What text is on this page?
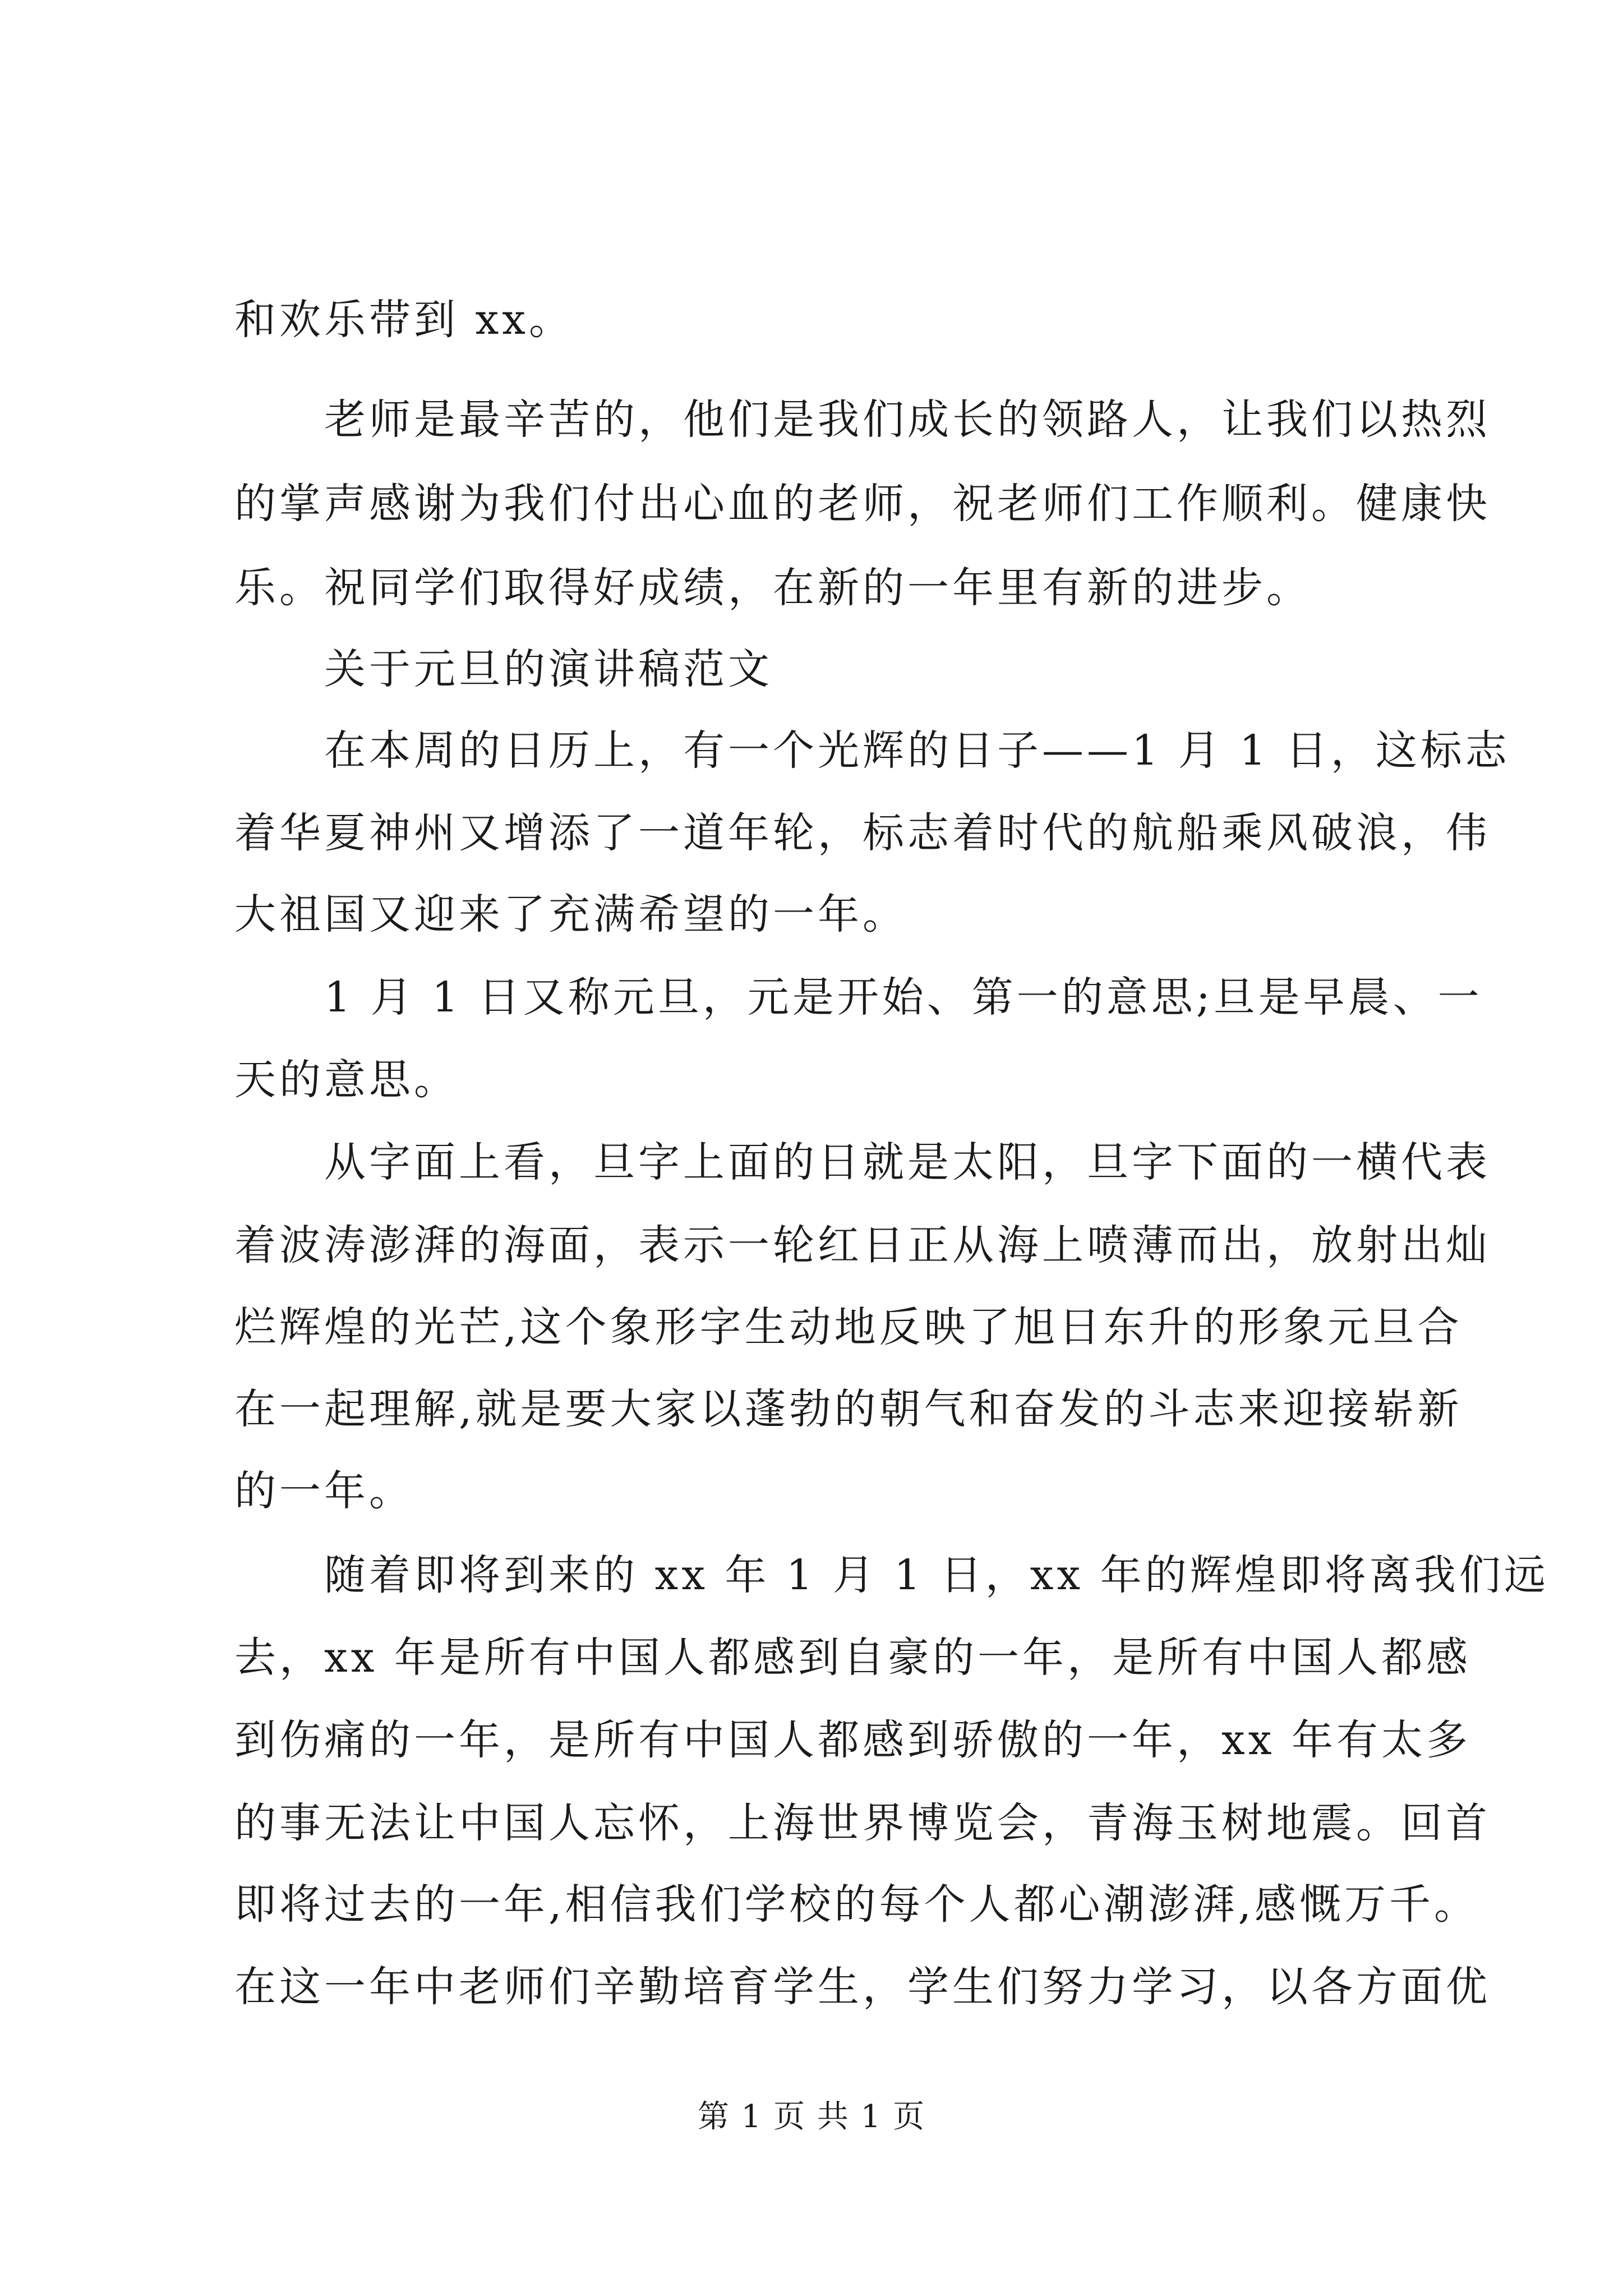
和欢乐带到 xx。
　　老师是最辛苦的，他们是我们成长的领路人，让我们以热烈
的掌声感谢为我们付出心血的老师，祝老师们工作顺利。健康快
乐。祝同学们取得好成绩，在新的一年里有新的进步。
　　关于元旦的演讲稿范文
　　在本周的日历上，有一个光辉的日子——1 月 1 日，这标志
着华夏神州又增添了一道年轮，标志着时代的航船乘风破浪，伟
大祖国又迎来了充满希望的一年。
　　1 月 1 日又称元旦，元是开始、第一的意思;旦是早晨、一
天的意思。
　　从字面上看，旦字上面的日就是太阳，旦字下面的一横代表
着波涛澎湃的海面，表示一轮红日正从海上喷薄而出，放射出灿
烂辉煌的光芒,这个象形字生动地反映了旭日东升的形象元旦合
在一起理解,就是要大家以蓬勃的朝气和奋发的斗志来迎接崭新
的一年。
　　随着即将到来的 xx 年 1 月 1 日，xx 年的辉煌即将离我们远
去，xx 年是所有中国人都感到自豪的一年，是所有中国人都感
到伤痛的一年，是所有中国人都感到骄傲的一年，xx 年有太多
的事无法让中国人忘怀，上海世界博览会，青海玉树地震。回首
即将过去的一年,相信我们学校的每个人都心潮澎湃,感慨万千。
在这一年中老师们辛勤培育学生，学生们努力学习，以各方面优
第 1 页 共 1 页
